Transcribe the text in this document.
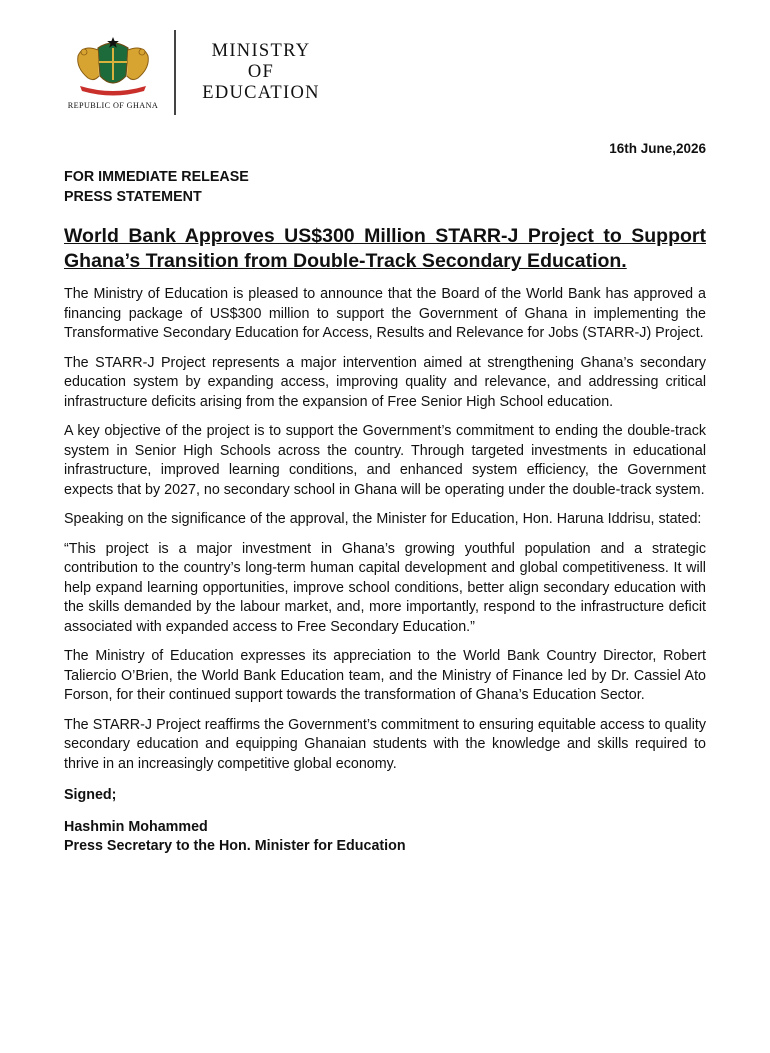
REPUBLIC OF GHANA
MINISTRY
OF
EDUCATION
16th June,2026

FOR IMMEDIATE RELEASE

PRESS STATEMENT

World Bank Approves US$300 Million STARR-J Project to Support Ghana’s Transition from Double-Track Secondary Education.

The Ministry of Education is pleased to announce that the Board of the World Bank has approved a financing package of US$300 million to support the Government of Ghana in implementing the Transformative Secondary Education for Access, Results and Relevance for Jobs (STARR-J) Project.

The STARR-J Project represents a major intervention aimed at strengthening Ghana’s secondary education system by expanding access, improving quality and relevance, and addressing critical infrastructure deficits arising from the expansion of Free Senior High School education.

A key objective of the project is to support the Government’s commitment to ending the double-track system in Senior High Schools across the country. Through targeted investments in educational infrastructure, improved learning conditions, and enhanced system efficiency, the Government expects that by 2027, no secondary school in Ghana will be operating under the double-track system.

Speaking on the significance of the approval, the Minister for Education, Hon. Haruna Iddrisu, stated:

“This project is a major investment in Ghana’s growing youthful population and a strategic contribution to the country’s long-term human capital development and global competitiveness. It will help expand learning opportunities, improve school conditions, better align secondary education with the skills demanded by the labour market, and, more importantly, respond to the infrastructure deficit associated with expanded access to Free Secondary Education.”

The Ministry of Education expresses its appreciation to the World Bank Country Director, Robert Taliercio O’Brien, the World Bank Education team, and the Ministry of Finance led by Dr. Cassiel Ato Forson, for their continued support towards the transformation of Ghana’s Education Sector.

The STARR-J Project reaffirms the Government’s commitment to ensuring equitable access to quality secondary education and equipping Ghanaian students with the knowledge and skills required to thrive in an increasingly competitive global economy.

Signed;

Hashmin Mohammed

Press Secretary to the Hon. Minister for Education
